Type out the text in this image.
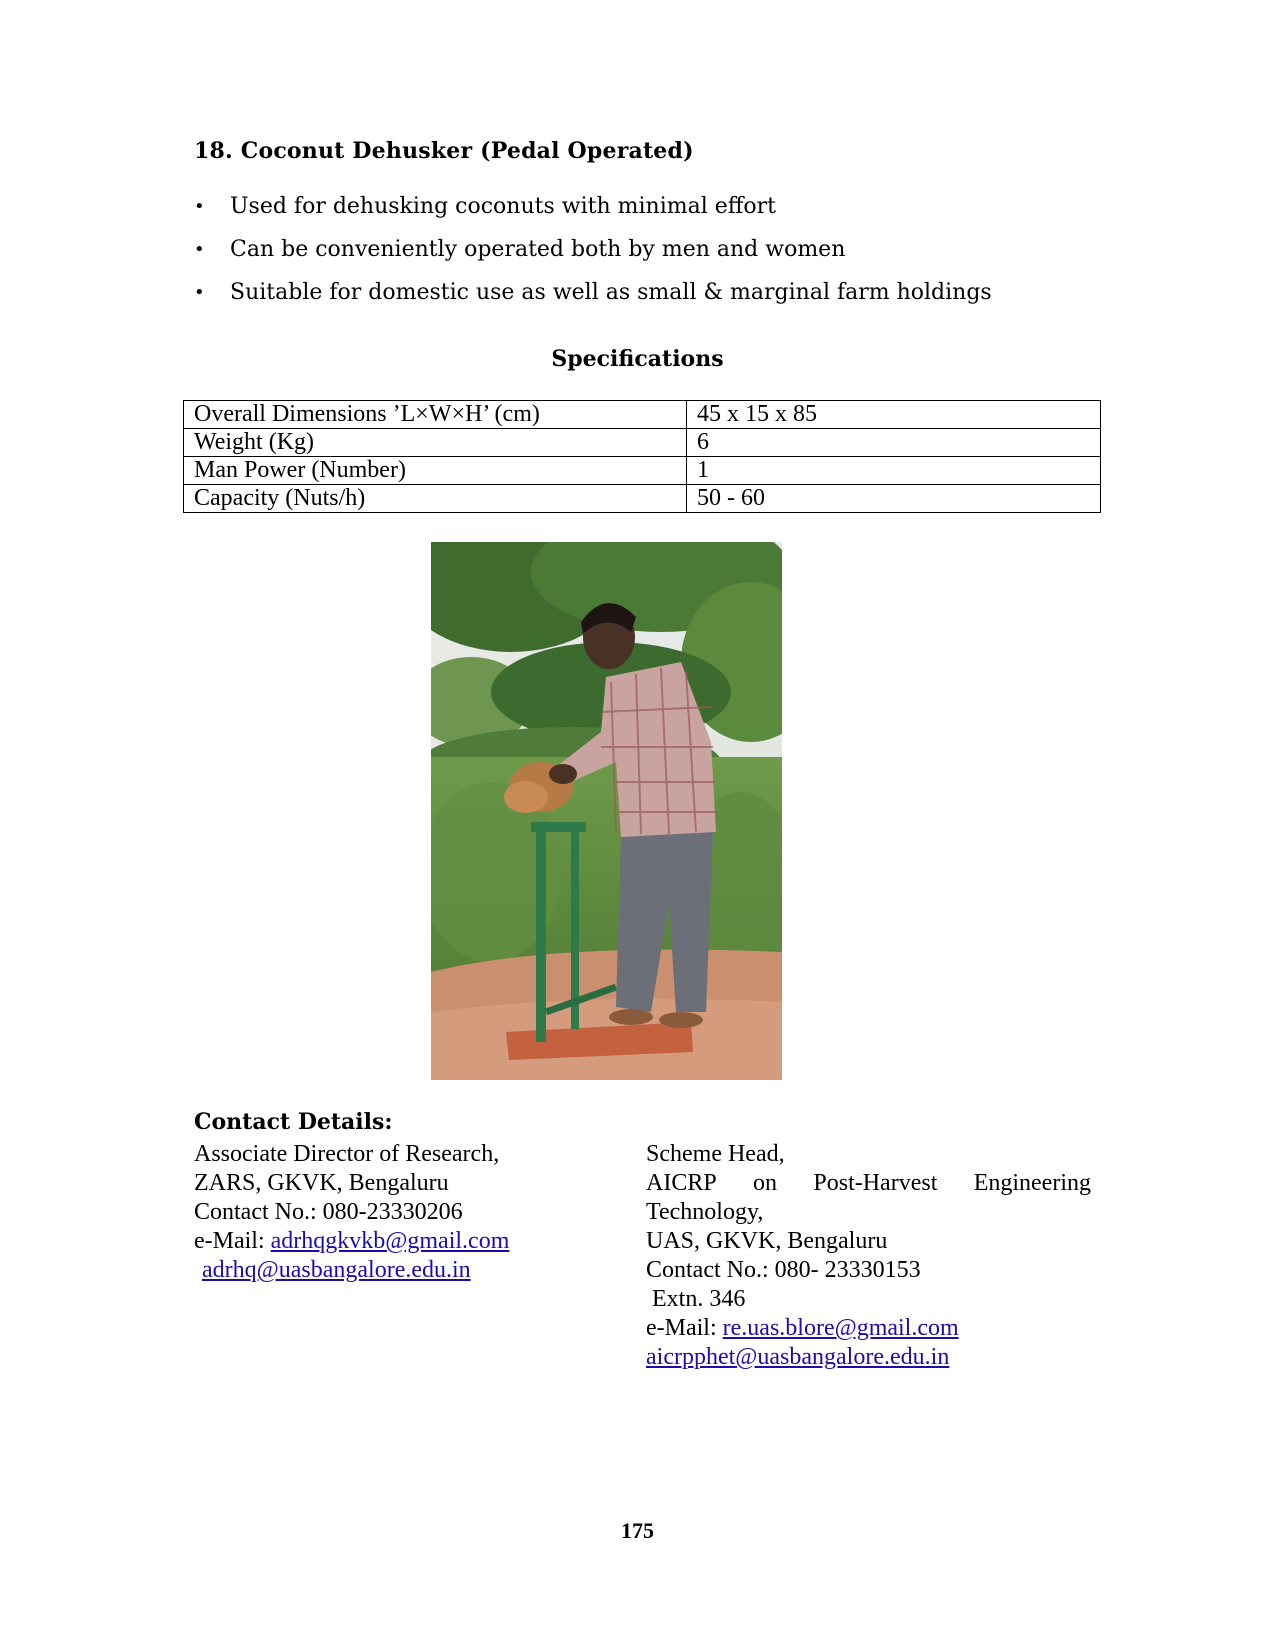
18. Coconut Dehusker (Pedal Operated)
•	Used for dehusking coconuts with minimal effort
•	Can be conveniently operated both by men and women
•	Suitable for domestic use as well as small & marginal farm holdings
Specifications
Overall Dimensions ’L×W×H’ (cm)	45 x 15 x 85
Weight (Kg)	6
Man Power (Number)	1
Capacity (Nuts/h)	50 - 60
Contact Details:
Associate Director of Research,
ZARS, GKVK, Bengaluru
Contact No.: 080-23330206
e-Mail: adrhqgkvkb@gmail.com
adrhq@uasbangalore.edu.in
Scheme Head,
AICRP on Post-Harvest Engineering
Technology,
UAS, GKVK, Bengaluru
Contact No.: 080- 23330153
Extn. 346
e-Mail: re.uas.blore@gmail.com
aicrpphet@uasbangalore.edu.in
175
